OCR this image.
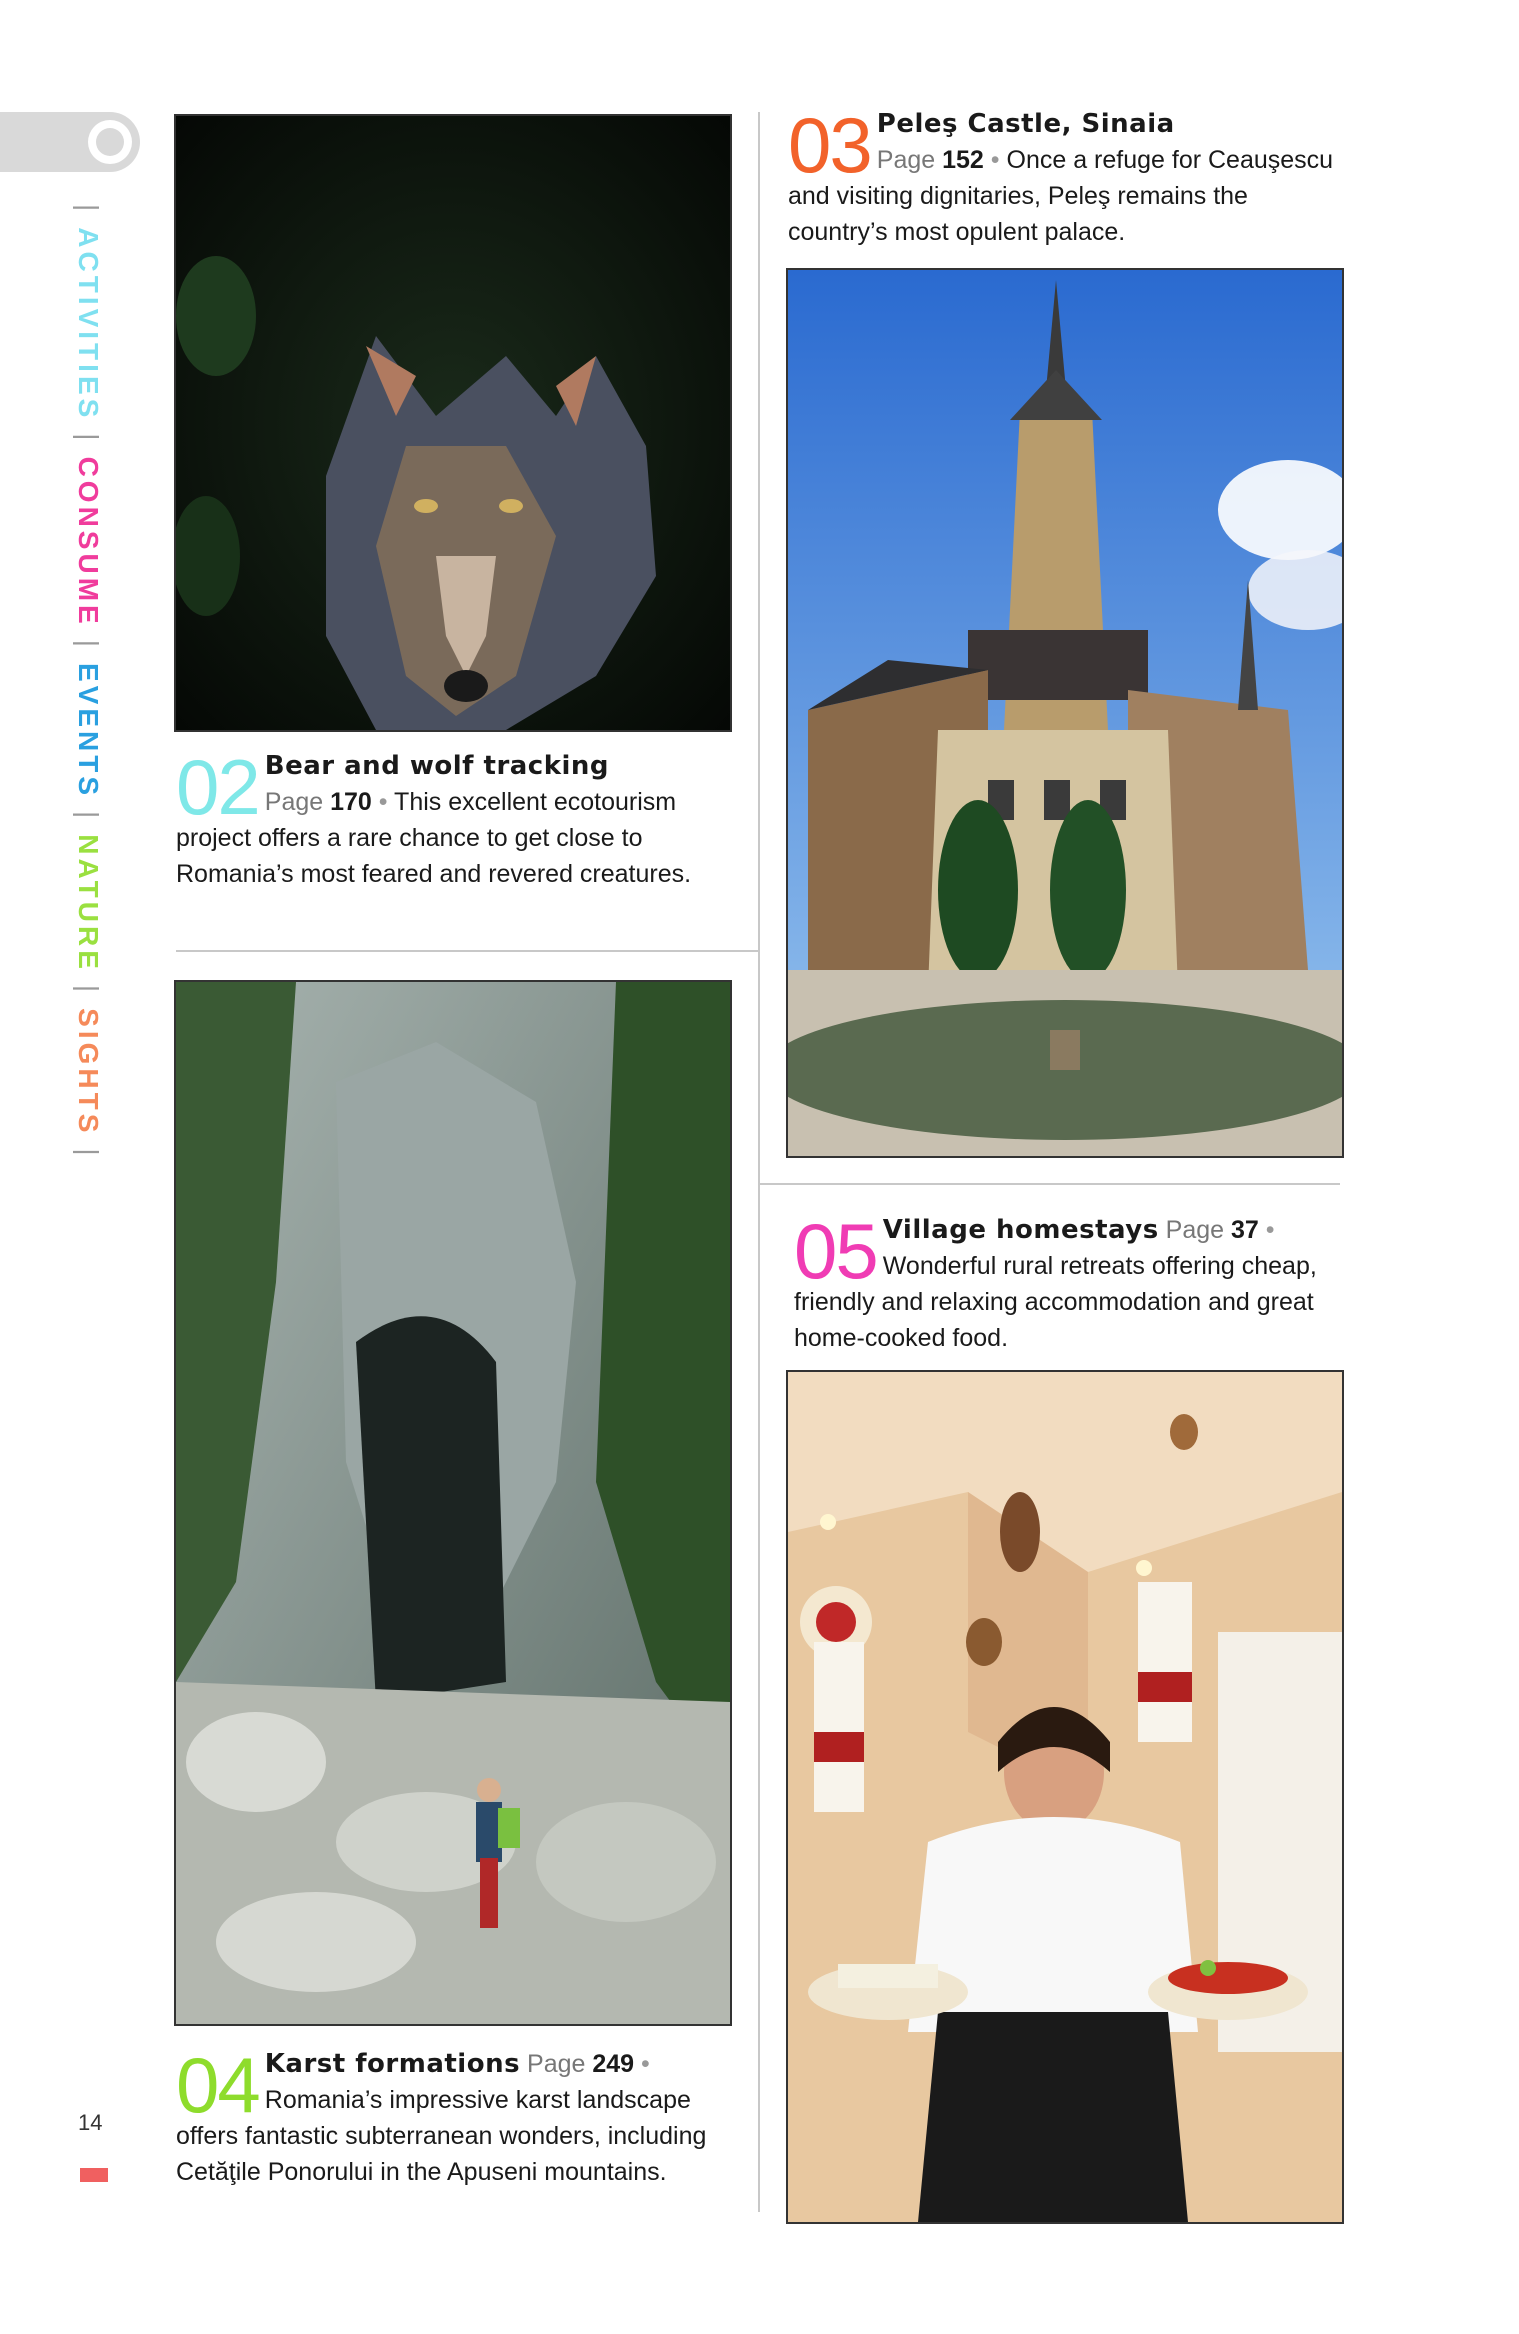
|ACTIVITIES|CONSUME|EVENTS|NATURE|SIGHTS|
02 Bear and wolf tracking
Page 170 • This excellent ecotourism project offers a rare chance to get close to Romania’s most feared and revered creatures.
04 Karst formations Page 249 • Romania’s impressive karst landscape offers fantastic subterranean wonders, including Cetăţile Ponorului in the Apuseni mountains.
03 Peleş Castle, Sinaia
Page 152 • Once a refuge for Ceauşescu and visiting dignitaries, Peleş remains the country’s most opulent palace.
05 Village homestays Page 37 • Wonderful rural retreats offering cheap, friendly and relaxing accommodation and great home-cooked food.
14
